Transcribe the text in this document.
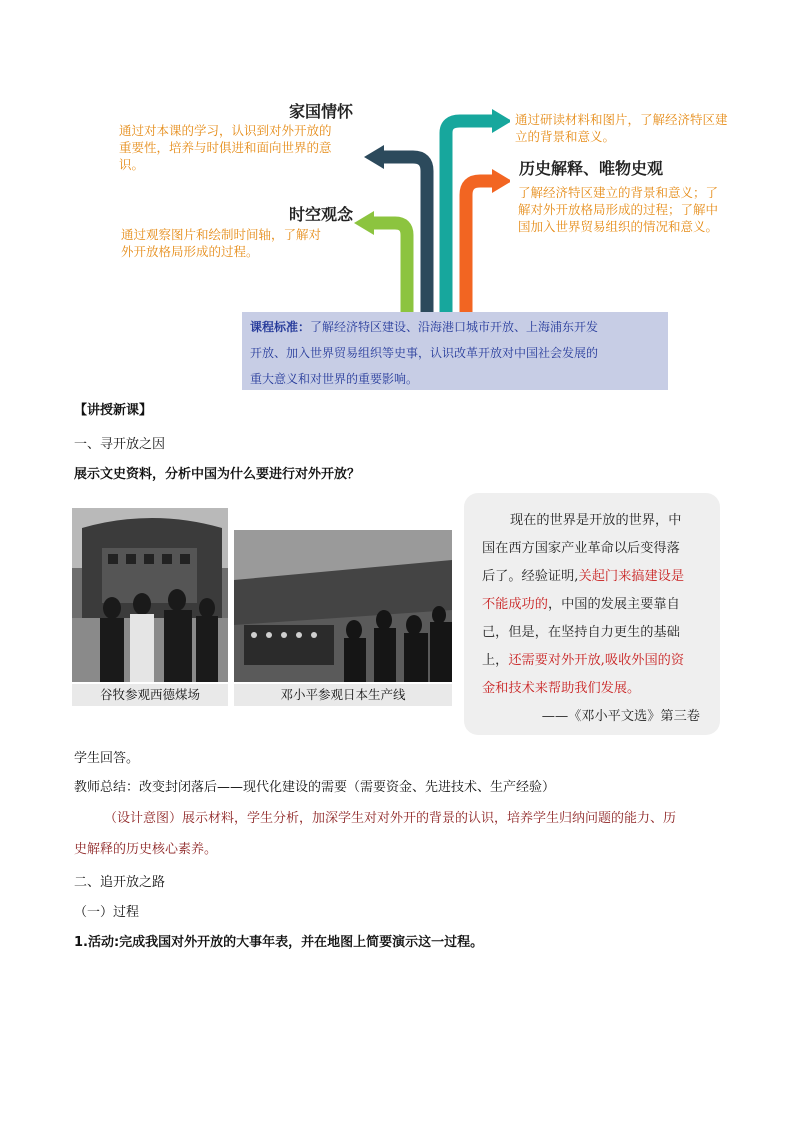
家国情怀
通过对本课的学习，认识到对外开放的
重要性，培养与时俱进和面向世界的意
识。
时空观念
通过观察图片和绘制时间轴，了解对
外开放格局形成的过程。
通过研读材料和图片，了解经济特区建
立的背景和意义。
历史解释、唯物史观
了解经济特区建立的背景和意义；了
解对外开放格局形成的过程；了解中
国加入世界贸易组织的情况和意义。
课程标准：了解经济特区建设、沿海港口城市开放、上海浦东开发
开放、加入世界贸易组织等史事，认识改革开放对中国社会发展的
重大意义和对世界的重要影响。
【讲授新课】
一、寻开放之因
展示文史资料，分析中国为什么要进行对外开放？
谷牧参观西德煤场	邓小平参观日本生产线
现在的世界是开放的世界，中
国在西方国家产业革命以后变得落
后了。经验证明,关起门来搞建设是
不能成功的，中国的发展主要靠自
己，但是，在坚持自力更生的基础
上，还需要对外开放,吸收外国的资
金和技术来帮助我们发展。
——《邓小平文选》第三卷
学生回答。
教师总结：改变封闭落后——现代化建设的需要（需要资金、先进技术、生产经验）
（设计意图）展示材料，学生分析，加深学生对对外开的背景的认识，培养学生归纳问题的能力、历
史解释的历史核心素养。
二、追开放之路
（一）过程
1.活动:完成我国对外开放的大事年表，并在地图上简要演示这一过程。
